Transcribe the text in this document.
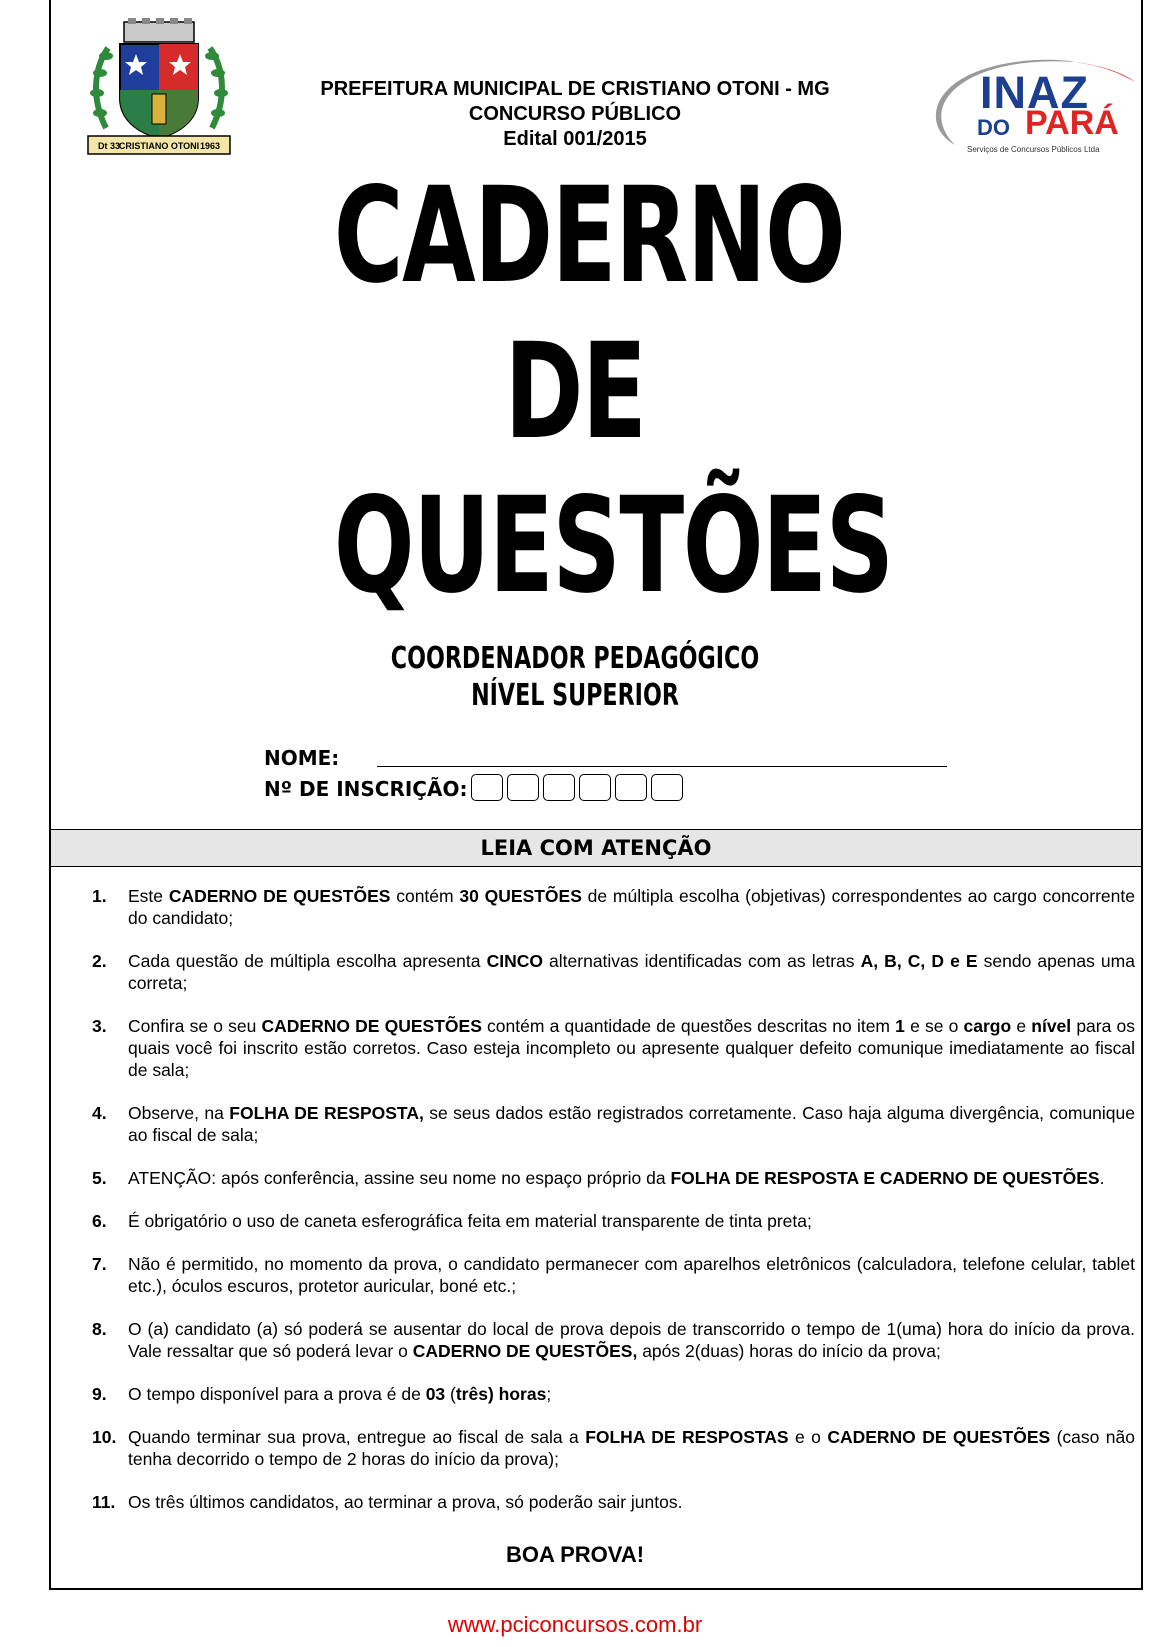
Dt 33
CRISTIANO OTONI 1963
INAZ
DO PARÁ
Serviços de Concursos Públicos Ltda
PREFEITURA MUNICIPAL DE CRISTIANO OTONI - MG
CONCURSO PÚBLICO
Edital 001/2015
CADERNO
DE
QUESTÕES
COORDENADOR PEDAGÓGICO
NÍVEL SUPERIOR
NOME:
Nº DE INSCRIÇÃO:
LEIA COM ATENÇÃO
1. Este CADERNO DE QUESTÕES contém 30 QUESTÕES de múltipla escolha (objetivas) correspondentes ao cargo concorrente do candidato;
2. Cada questão de múltipla escolha apresenta CINCO alternativas identificadas com as letras A, B, C, D e E sendo apenas uma correta;
3. Confira se o seu CADERNO DE QUESTÕES contém a quantidade de questões descritas no item 1 e se o cargo e nível para os quais você foi inscrito estão corretos. Caso esteja incompleto ou apresente qualquer defeito comunique imediatamente ao fiscal de sala;
4. Observe, na FOLHA DE RESPOSTA, se seus dados estão registrados corretamente. Caso haja alguma divergência, comunique ao fiscal de sala;
5. ATENÇÃO: após conferência, assine seu nome no espaço próprio da FOLHA DE RESPOSTA E CADERNO DE QUESTÕES.
6. É obrigatório o uso de caneta esferográfica feita em material transparente de tinta preta;
7. Não é permitido, no momento da prova, o candidato permanecer com aparelhos eletrônicos (calculadora, telefone celular, tablet etc.), óculos escuros, protetor auricular, boné etc.;
8. O (a) candidato (a) só poderá se ausentar do local de prova depois de transcorrido o tempo de 1(uma) hora do início da prova. Vale ressaltar que só poderá levar o CADERNO DE QUESTÕES, após 2(duas) horas do início da prova;
9. O tempo disponível para a prova é de 03 (três) horas;
10. Quando terminar sua prova, entregue ao fiscal de sala a FOLHA DE RESPOSTAS e o CADERNO DE QUESTÕES (caso não tenha decorrido o tempo de 2 horas do início da prova);
11. Os três últimos candidatos, ao terminar a prova, só poderão sair juntos.
BOA PROVA!
www.pciconcursos.com.br
